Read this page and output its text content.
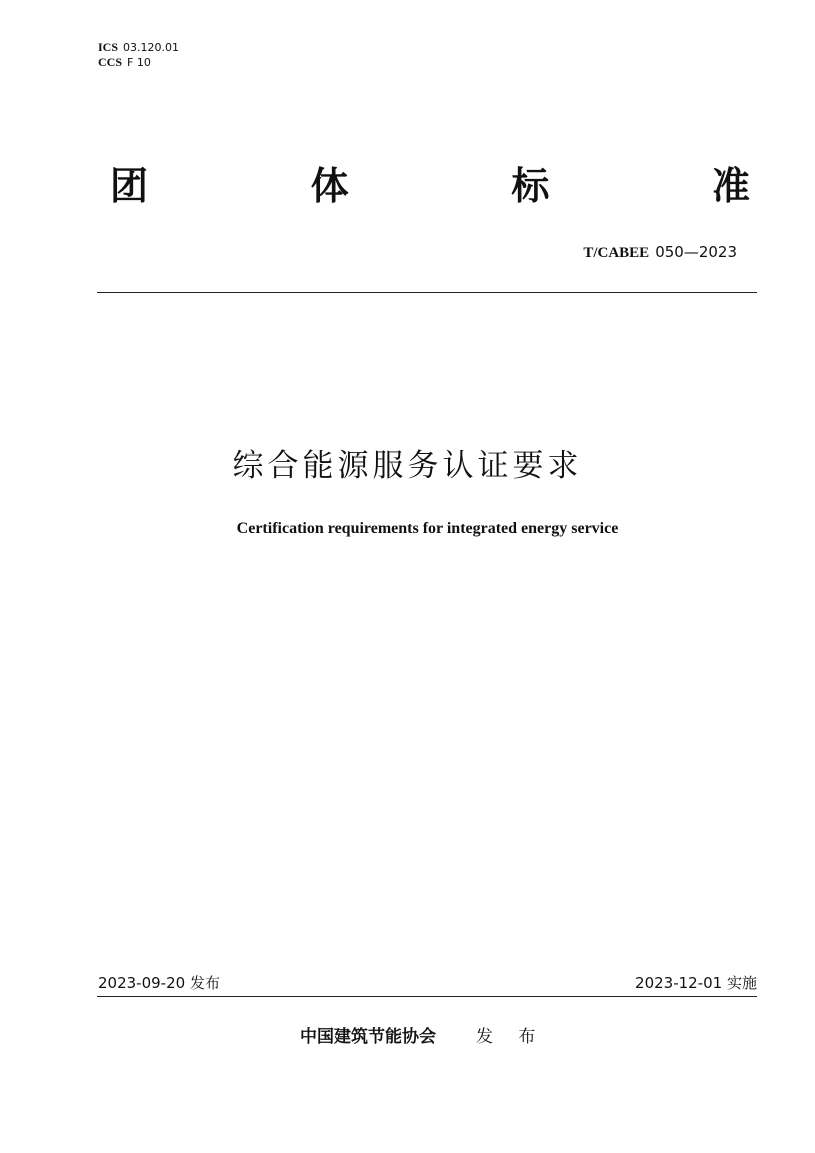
ICS 03.120.01
CCS F 10
团	体	标	准
T/CABEE 050—2023
综合能源服务认证要求
Certification requirements for integrated energy service
2023-09-20 发布	2023-12-01 实施
中国建筑节能协会 发 布
